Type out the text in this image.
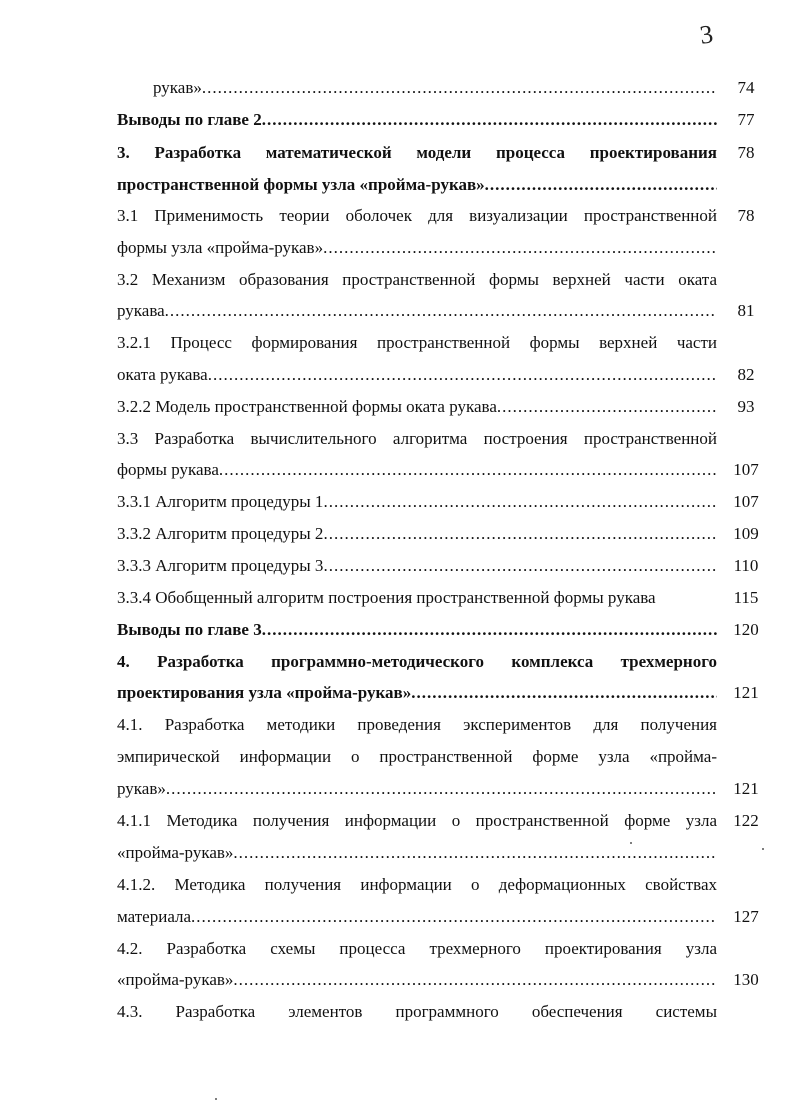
3
рукав» .....	74
Выводы по главе 2 .....	77
3. Разработка математической модели процесса проектирования	78
пространственной формы узла «пройма-рукав»
.....
3.1 Применимость теории оболочек для визуализации пространственной	78
формы узла «пройма-рукав»
.....
3.2 Механизм образования пространственной формы верхней части оката
рукава .....	81
3.2.1 Процесс формирования пространственной формы верхней части
оката рукава .....	82
3.2.2 Модель пространственной формы оката рукава .....	93
3.3 Разработка вычислительного алгоритма построения пространственной
формы рукава .....	107
3.3.1 Алгоритм процедуры 1 .....	107
3.3.2 Алгоритм процедуры 2 .....	109
3.3.3 Алгоритм процедуры 3 .....	110
3.3.4 Обобщенный алгоритм построения пространственной формы рукава	115
Выводы по главе 3 .....	120
4. Разработка программно-методического комплекса трехмерного
проектирования узла «пройма-рукав» .....	121
4.1. Разработка методики проведения экспериментов для получения
эмпирической информации о пространственной форме узла «пройма-
рукав» .....	121
4.1.1 Методика получения информации о пространственной форме узла 122
«пройма-рукав»
.....
4.1.2. Методика получения информации о деформационных свойствах
материала .....	127
4.2. Разработка схемы процесса трехмерного проектирования узла
«пройма-рукав» .....	130
4.3. Разработка элементов программного обеспечения системы
